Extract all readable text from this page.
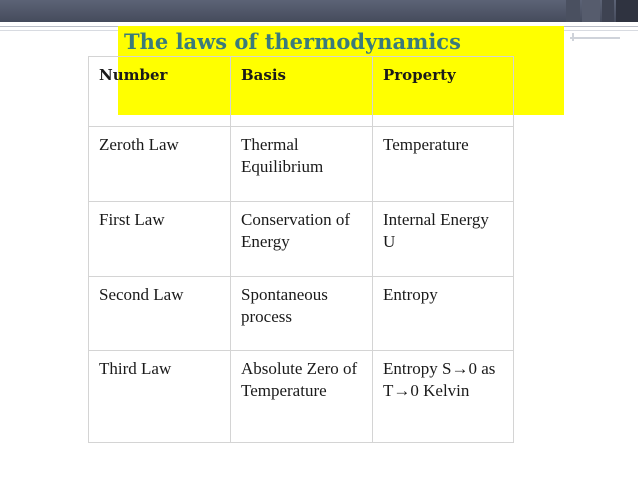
The laws of thermodynamics
Number	Basis	Property
Zeroth Law	Thermal Equilibrium	Temperature
First Law	Conservation of Energy	Internal Energy U
Second Law	Spontaneous process	Entropy
Third Law	Absolute Zero of Temperature	Entropy S→0 as T→0 Kelvin
